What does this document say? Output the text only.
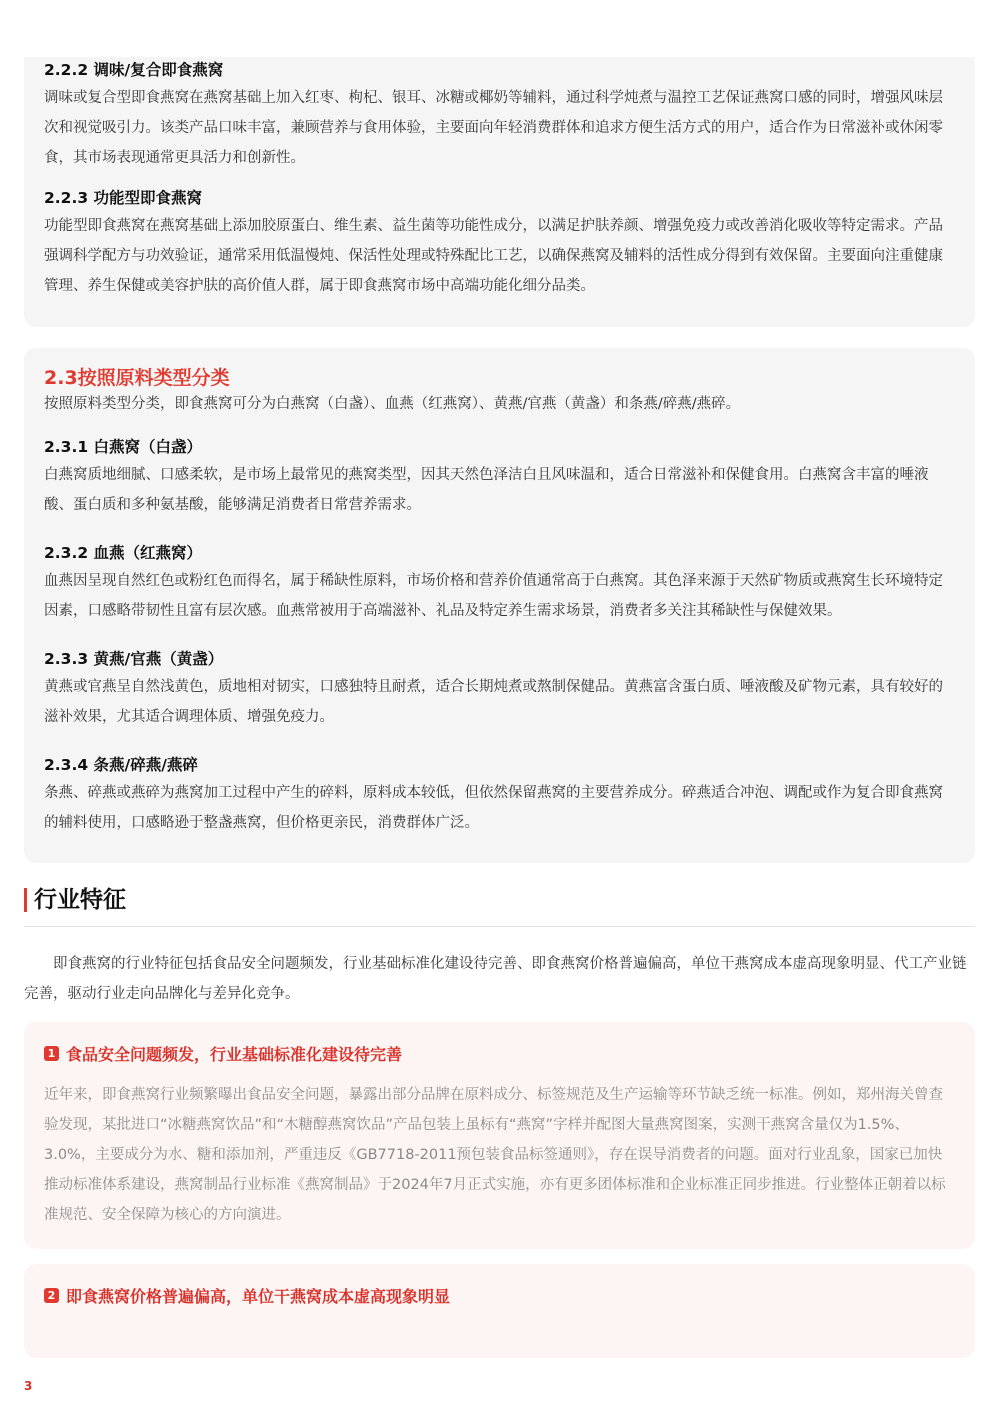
2.2.2 调味/复合即食燕窝

调味或复合型即食燕窝在燕窝基础上加入红枣、枸杞、银耳、冰糖或椰奶等辅料，通过科学炖煮与温控工艺保证燕窝口感的同时，增强风味层次和视觉吸引力。该类产品口味丰富，兼顾营养与食用体验，主要面向年轻消费群体和追求方便生活方式的用户，适合作为日常滋补或休闲零食，其市场表现通常更具活力和创新性。

2.2.3 功能型即食燕窝

功能型即食燕窝在燕窝基础上添加胶原蛋白、维生素、益生菌等功能性成分，以满足护肤养颜、增强免疫力或改善消化吸收等特定需求。产品强调科学配方与功效验证，通常采用低温慢炖、保活性处理或特殊配比工艺，以确保燕窝及辅料的活性成分得到有效保留。主要面向注重健康管理、养生保健或美容护肤的高价值人群，属于即食燕窝市场中高端功能化细分品类。

2.3按照原料类型分类

按照原料类型分类，即食燕窝可分为白燕窝（白盏）、血燕（红燕窝）、黄燕/官燕（黄盏）和条燕/碎燕/燕碎。

2.3.1 白燕窝（白盏）

白燕窝质地细腻、口感柔软，是市场上最常见的燕窝类型，因其天然色泽洁白且风味温和，适合日常滋补和保健食用。白燕窝含丰富的唾液酸、蛋白质和多种氨基酸，能够满足消费者日常营养需求。

2.3.2 血燕（红燕窝）

血燕因呈现自然红色或粉红色而得名，属于稀缺性原料，市场价格和营养价值通常高于白燕窝。其色泽来源于天然矿物质或燕窝生长环境特定因素，口感略带韧性且富有层次感。血燕常被用于高端滋补、礼品及特定养生需求场景，消费者多关注其稀缺性与保健效果。

2.3.3 黄燕/官燕（黄盏）

黄燕或官燕呈自然浅黄色，质地相对韧实，口感独特且耐煮，适合长期炖煮或熬制保健品。黄燕富含蛋白质、唾液酸及矿物元素，具有较好的滋补效果，尤其适合调理体质、增强免疫力。

2.3.4 条燕/碎燕/燕碎

条燕、碎燕或燕碎为燕窝加工过程中产生的碎料，原料成本较低，但依然保留燕窝的主要营养成分。碎燕适合冲泡、调配或作为复合即食燕窝的辅料使用，口感略逊于整盏燕窝，但价格更亲民，消费群体广泛。

行业特征

即食燕窝的行业特征包括食品安全问题频发，行业基础标准化建设待完善、即食燕窝价格普遍偏高，单位干燕窝成本虚高现象明显、代工产业链完善，驱动行业走向品牌化与差异化竞争。

1 食品安全问题频发，行业基础标准化建设待完善

近年来，即食燕窝行业频繁曝出食品安全问题，暴露出部分品牌在原料成分、标签规范及生产运输等环节缺乏统一标准。例如，郑州海关曾查验发现，某批进口“冰糖燕窝饮品”和“木糖醇燕窝饮品”产品包装上虽标有“燕窝”字样并配图大量燕窝图案，实测干燕窝含量仅为1.5%、3.0%，主要成分为水、糖和添加剂，严重违反《GB7718-2011预包装食品标签通则》，存在误导消费者的问题。面对行业乱象，国家已加快推动标准体系建设，燕窝制品行业标准《燕窝制品》于2024年7月正式实施，亦有更多团体标准和企业标准正同步推进。行业整体正朝着以标准规范、安全保障为核心的方向演进。

2 即食燕窝价格普遍偏高，单位干燕窝成本虚高现象明显

3
